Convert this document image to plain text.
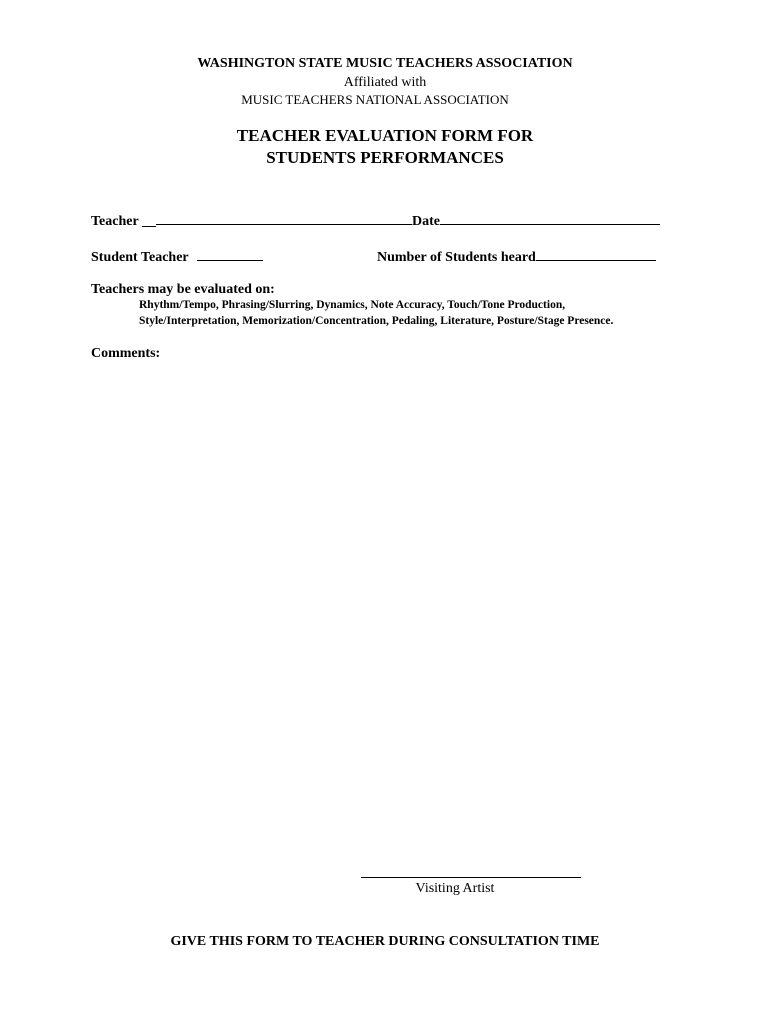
WASHINGTON STATE MUSIC TEACHERS ASSOCIATION
Affiliated with
MUSIC TEACHERS NATIONAL ASSOCIATION
TEACHER EVALUATION FORM FOR
STUDENTS PERFORMANCES
Teacher __	Date
Student Teacher	Number of Students heard
Teachers may be evaluated on:
Rhythm/Tempo, Phrasing/Slurring, Dynamics, Note Accuracy, Touch/Tone Production,
Style/Interpretation, Memorization/Concentration, Pedaling, Literature, Posture/Stage Presence.
Comments:
Visiting Artist
GIVE THIS FORM TO TEACHER DURING CONSULTATION TIME
